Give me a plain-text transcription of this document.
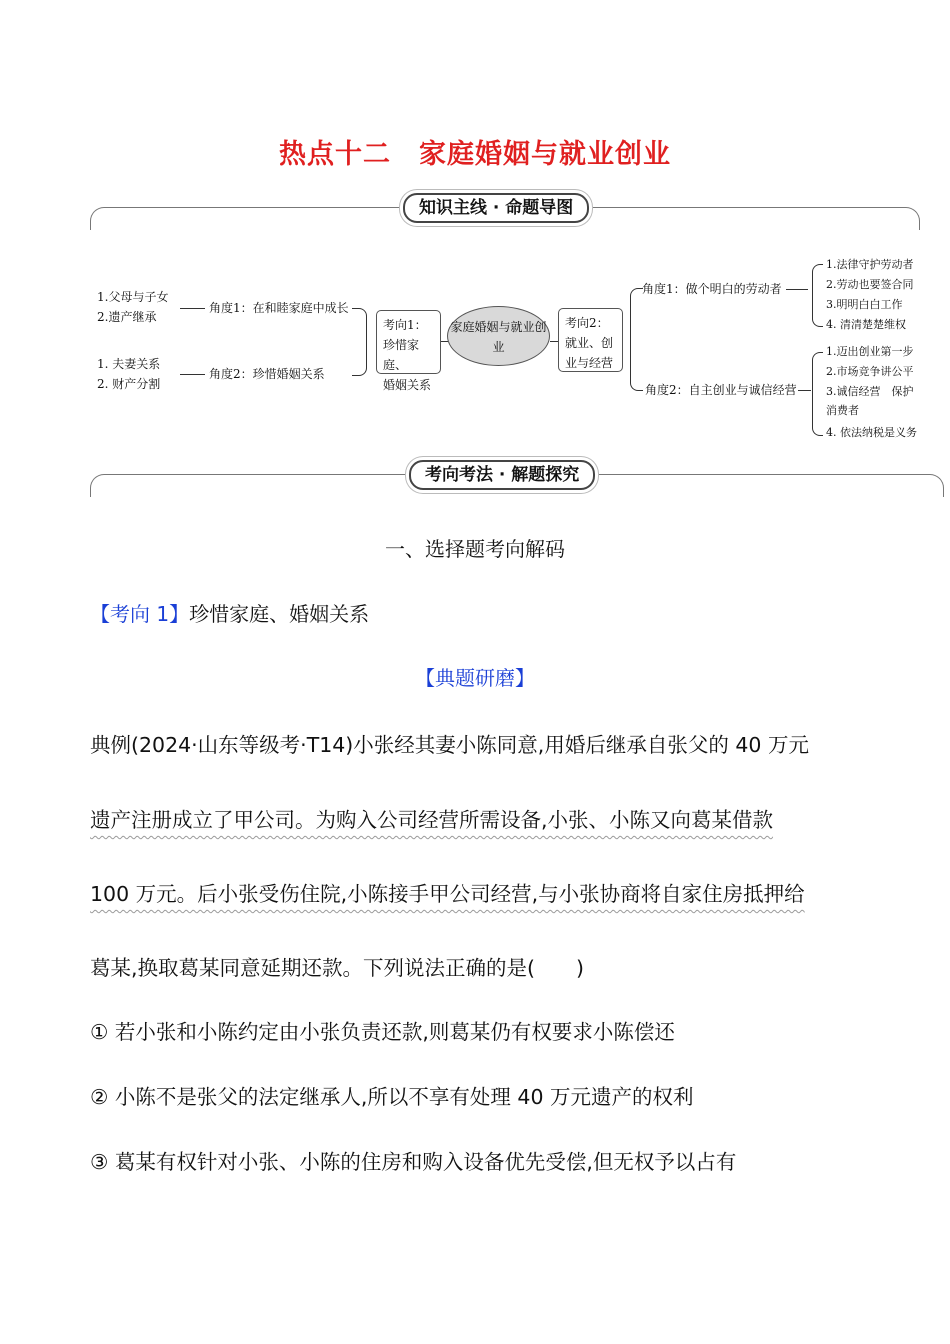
热点十二 家庭婚姻与就业创业
知识主线 · 命题导图
1.父母与子女
2.遗产继承
1. 夫妻关系
2. 财产分割
角度1：在和睦家庭中成长
角度2：珍惜婚姻关系
考向1：
珍惜家庭、
婚姻关系
家庭婚姻与就业创业
考向2：
就业、创
业与经营
角度1：做个明白的劳动者
角度2：自主创业与诚信经营
1.法律守护劳动者
2.劳动也要签合同
3.明明白白工作
4. 清清楚楚维权
1.迈出创业第一步
2.市场竞争讲公平
3.诚信经营　保护
消费者
4. 依法纳税是义务
考向考法 · 解题探究
一、选择题考向解码
【考向 1】珍惜家庭、婚姻关系
【典题研磨】
典例(2024·山东等级考·T14)小张经其妻小陈同意,用婚后继承自张父的 40 万元
遗产注册成立了甲公司。为购入公司经营所需设备,小张、小陈又向葛某借款
100 万元。后小张受伤住院,小陈接手甲公司经营,与小张协商将自家住房抵押给
葛某,换取葛某同意延期还款。下列说法正确的是(　　)
① 若小张和小陈约定由小张负责还款,则葛某仍有权要求小陈偿还
② 小陈不是张父的法定继承人,所以不享有处理 40 万元遗产的权利
③ 葛某有权针对小张、小陈的住房和购入设备优先受偿,但无权予以占有
